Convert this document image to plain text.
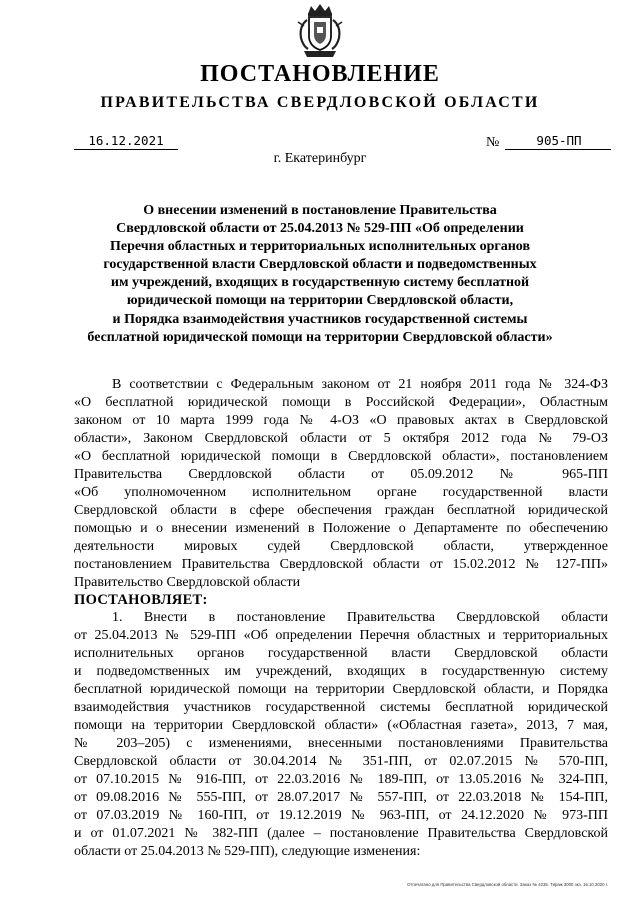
ПОСТАНОВЛЕНИЕ
ПРАВИТЕЛЬСТВА СВЕРДЛОВСКОЙ ОБЛАСТИ
16.12.2021	№	905-ПП
г. Екатеринбург
О внесении изменений в постановление Правительства
Свердловской области от 25.04.2013 № 529-ПП «Об определении
Перечня областных и территориальных исполнительных органов
государственной власти Свердловской области и подведомственных
им учреждений, входящих в государственную систему бесплатной
юридической помощи на территории Свердловской области,
и Порядка взаимодействия участников государственной системы
бесплатной юридической помощи на территории Свердловской области»
В соответствии с Федеральным законом от 21 ноября 2011 года № 324-ФЗ
«О бесплатной юридической помощи в Российской Федерации», Областным
законом от 10 марта 1999 года № 4-ОЗ «О правовых актах в Свердловской
области», Законом Свердловской области от 5 октября 2012 года № 79-ОЗ
«О бесплатной юридической помощи в Свердловской области», постановлением
Правительства Свердловской области от 05.09.2012 № 965-ПП
«Об уполномоченном исполнительном органе государственной власти
Свердловской области в сфере обеспечения граждан бесплатной юридической
помощью и о внесении изменений в Положение о Департаменте по обеспечению
деятельности мировых судей Свердловской области, утвержденное
постановлением Правительства Свердловской области от 15.02.2012 № 127-ПП»
Правительство Свердловской области
ПОСТАНОВЛЯЕТ:
1. Внести в постановление Правительства Свердловской области
от 25.04.2013 № 529-ПП «Об определении Перечня областных и территориальных
исполнительных органов государственной власти Свердловской области
и подведомственных им учреждений, входящих в государственную систему
бесплатной юридической помощи на территории Свердловской области, и Порядка
взаимодействия участников государственной системы бесплатной юридической
помощи на территории Свердловской области» («Областная газета», 2013, 7 мая,
№ 203–205) с изменениями, внесенными постановлениями Правительства
Свердловской области от 30.04.2014 № 351-ПП, от 02.07.2015 № 570-ПП,
от 07.10.2015 № 916-ПП, от 22.03.2016 № 189-ПП, от 13.05.2016 № 324-ПП,
от 09.08.2016 № 555-ПП, от 28.07.2017 № 557-ПП, от 22.03.2018 № 154-ПП,
от 07.03.2019 № 160-ПП, от 19.12.2019 № 963-ПП, от 24.12.2020 № 973-ПП
и от 01.07.2021 № 382-ПП (далее – постановление Правительства Свердловской
области от 25.04.2013 № 529-ПП), следующие изменения:
Отпечатано для Правительства Свердловской области. Заказ № 4235. Тираж 3000 экз. 16.10.2020 г.
